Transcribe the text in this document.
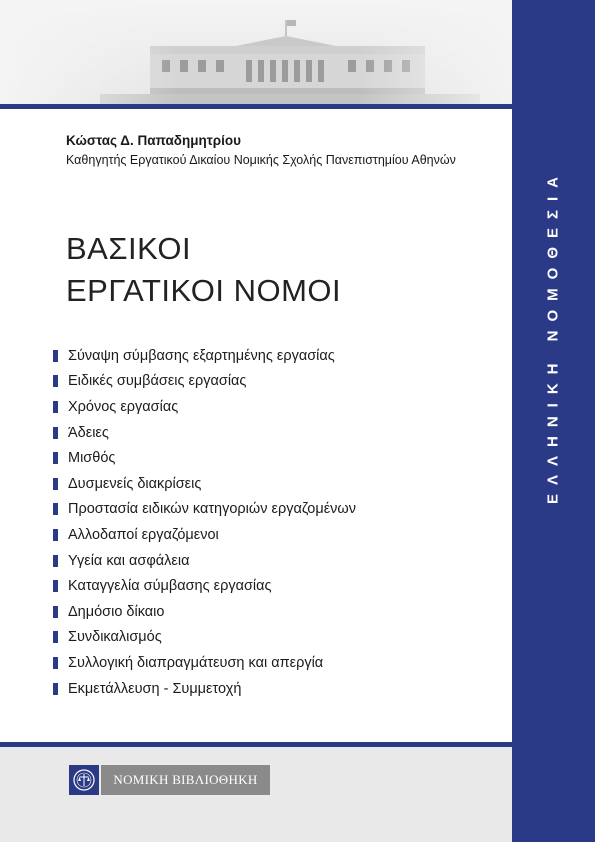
Κώστας Δ. Παπαδημητρίου
Καθηγητής Εργατικού Δικαίου Νομικής Σχολής Πανεπιστημίου Αθηνών
ΒΑΣΙΚΟΙ
ΕΡΓΑΤΙΚΟΙ ΝΟΜΟΙ
Σύναψη σύμβασης εξαρτημένης εργασίας
Ειδικές συμβάσεις εργασίας
Χρόνος εργασίας
Άδειες
Μισθός
Δυσμενείς διακρίσεις
Προστασία ειδικών κατηγοριών εργαζομένων
Αλλοδαποί εργαζόμενοι
Υγεία και ασφάλεια
Καταγγελία σύμβασης εργασίας
Δημόσιο δίκαιο
Συνδικαλισμός
Συλλογική διαπραγμάτευση και απεργία
Εκμετάλλευση - Συμμετοχή
ΝΟΜΙΚΗ ΒΙΒΛΙΟΘΗΚΗ
ΕΛΛΗΝΙΚΗ ΝΟΜΟΘΕΣΙΑ
